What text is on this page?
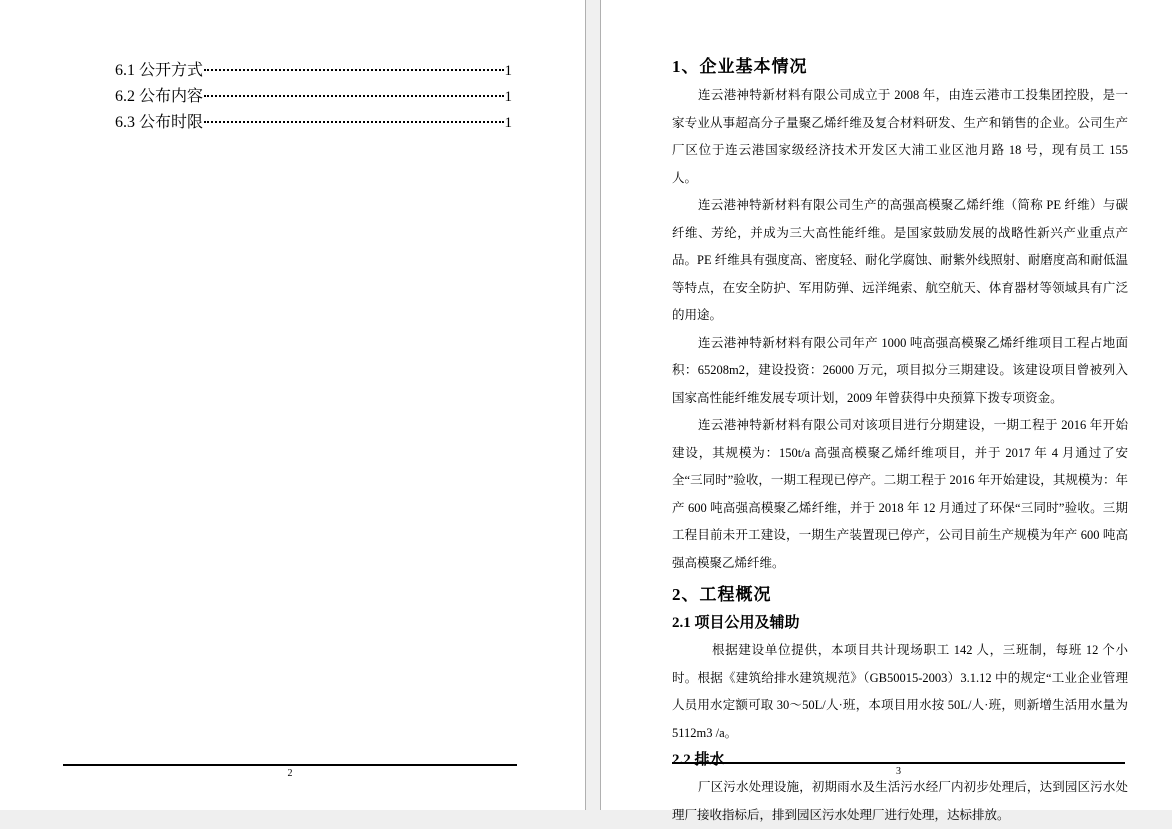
6.1 公开方式	1
6.2 公布内容	1
6.3 公布时限	1
2
1、企业基本情况

连云港神特新材料有限公司成立于 2008 年，由连云港市工投集团控股，是一家专业从事超高分子量聚乙烯纤维及复合材料研发、生产和销售的企业。公司生产厂区位于连云港国家级经济技术开发区大浦工业区池月路 18 号，现有员工 155 人。

连云港神特新材料有限公司生产的高强高模聚乙烯纤维（简称 PE 纤维）与碳纤维、芳纶，并成为三大高性能纤维。是国家鼓励发展的战略性新兴产业重点产品。PE 纤维具有强度高、密度轻、耐化学腐蚀、耐紫外线照射、耐磨度高和耐低温等特点，在安全防护、军用防弹、远洋绳索、航空航天、体育器材等领域具有广泛的用途。

连云港神特新材料有限公司年产 1000 吨高强高模聚乙烯纤维项目工程占地面积：65208m2，建设投资：26000 万元，项目拟分三期建设。该建设项目曾被列入国家高性能纤维发展专项计划，2009 年曾获得中央预算下拨专项资金。

连云港神特新材料有限公司对该项目进行分期建设，一期工程于 2016 年开始建设，其规模为：150t/a 高强高模聚乙烯纤维项目，并于 2017 年 4 月通过了安全“三同时”验收，一期工程现已停产。二期工程于 2016 年开始建设，其规模为：年产 600 吨高强高模聚乙烯纤维，并于 2018 年 12 月通过了环保“三同时”验收。三期工程目前未开工建设，一期生产装置现已停产，公司目前生产规模为年产 600 吨高强高模聚乙烯纤维。

2、工程概况
2.1 项目公用及辅助

根据建设单位提供，本项目共计现场职工 142 人，三班制，每班 12 个小时。根据《建筑给排水建筑规范》（GB50015-2003）3.1.12 中的规定“工业企业管理人员用水定额可取 30～50L/人·班，本项目用水按 50L/人·班，则新增生活用水量为 5112m3 /a。

2.2 排水

厂区污水处理设施，初期雨水及生活污水经厂内初步处理后，达到园区污水处理厂接收指标后，排到园区污水处理厂进行处理，达标排放。

3
